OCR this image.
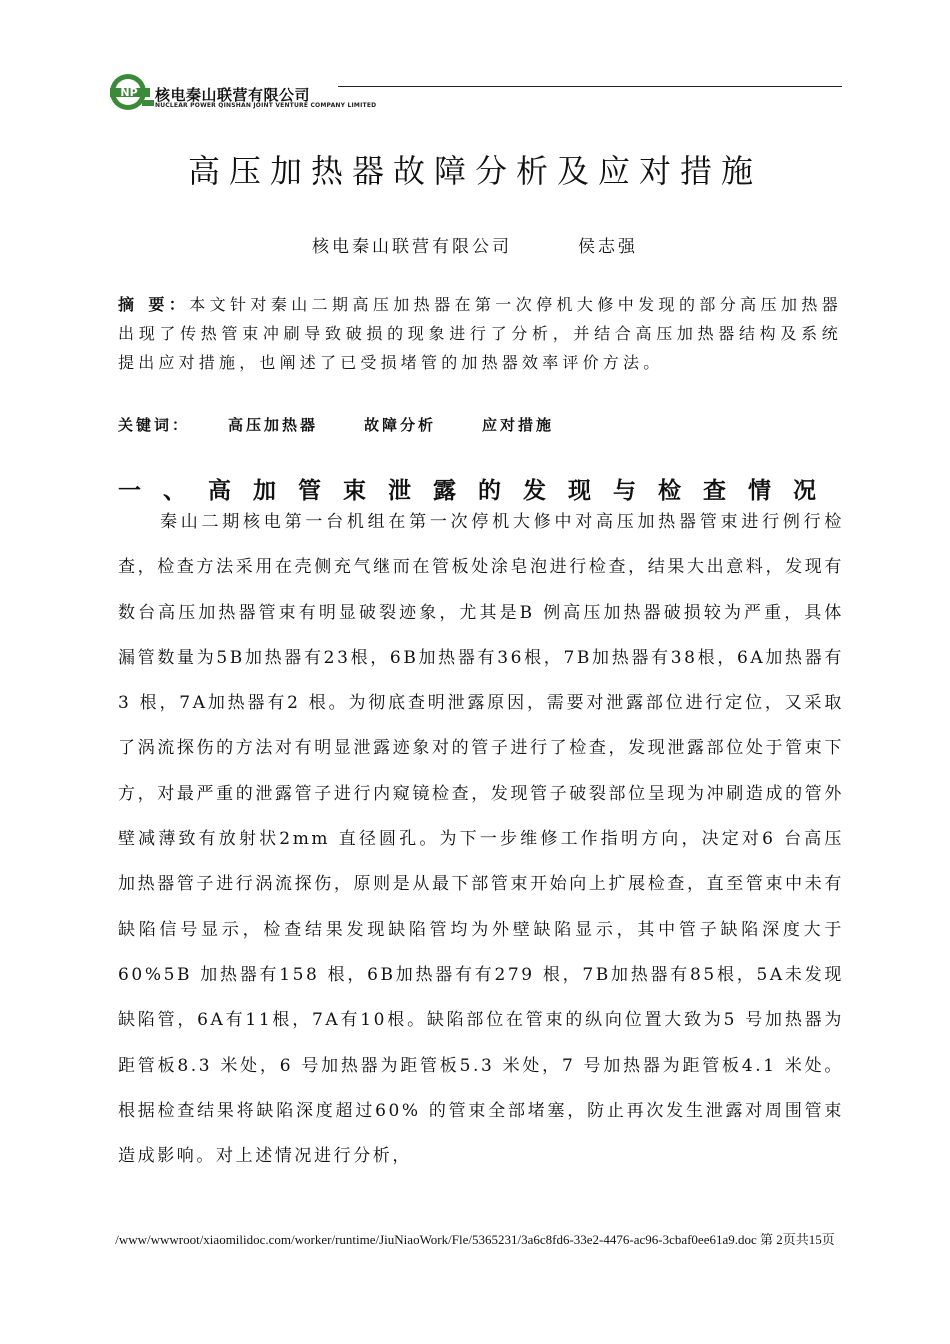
NP 核电秦山联营有限公司
NUCLEAR POWER QINSHAN JOINT VENTURE COMPANY LIMITED
高压加热器故障分析及应对措施
核电秦山联营有限公司	侯志强
摘 要：本文针对秦山二期高压加热器在第一次停机大修中发现的部分高压加热器出现了传热管束冲刷导致破损的现象进行了分析，并结合高压加热器结构及系统提出应对措施，也阐述了已受损堵管的加热器效率评价方法。
关键词：	高压加热器	故障分析	应对措施
一、高加管束泄露的发现与检查情况
秦山二期核电第一台机组在第一次停机大修中对高压加热器管束进行例行检查，检查方法采用在壳侧充气继而在管板处涂皂泡进行检查，结果大出意料，发现有数台高压加热器管束有明显破裂迹象，尤其是B 例高压加热器破损较为严重，具体漏管数量为5B加热器有23根，6B加热器有36根，7B加热器有38根，6A加热器有3 根，7A加热器有2 根。为彻底查明泄露原因，需要对泄露部位进行定位，又采取了涡流探伤的方法对有明显泄露迹象对的管子进行了检查，发现泄露部位处于管束下方，对最严重的泄露管子进行内窥镜检查，发现管子破裂部位呈现为冲刷造成的管外壁减薄致有放射状2mm 直径圆孔。为下一步维修工作指明方向，决定对6 台高压加热器管子进行涡流探伤，原则是从最下部管束开始向上扩展检查，直至管束中未有缺陷信号显示，检查结果发现缺陷管均为外壁缺陷显示，其中管子缺陷深度大于60%5B 加热器有158 根，6B加热器有有279 根，7B加热器有85根，5A未发现缺陷管，6A有11根，7A有10根。缺陷部位在管束的纵向位置大致为5 号加热器为距管板8.3 米处，6 号加热器为距管板5.3 米处，7 号加热器为距管板4.1 米处。根据检查结果将缺陷深度超过60% 的管束全部堵塞，防止再次发生泄露对周围管束造成影响。对上述情况进行分析，
/www/wwwroot/xiaomilidoc.com/worker/runtime/JiuNiaoWork/Fle/5365231/3a6c8fd6-33e2-4476-ac96-3cbaf0ee61a9.doc 第 2页共15页
